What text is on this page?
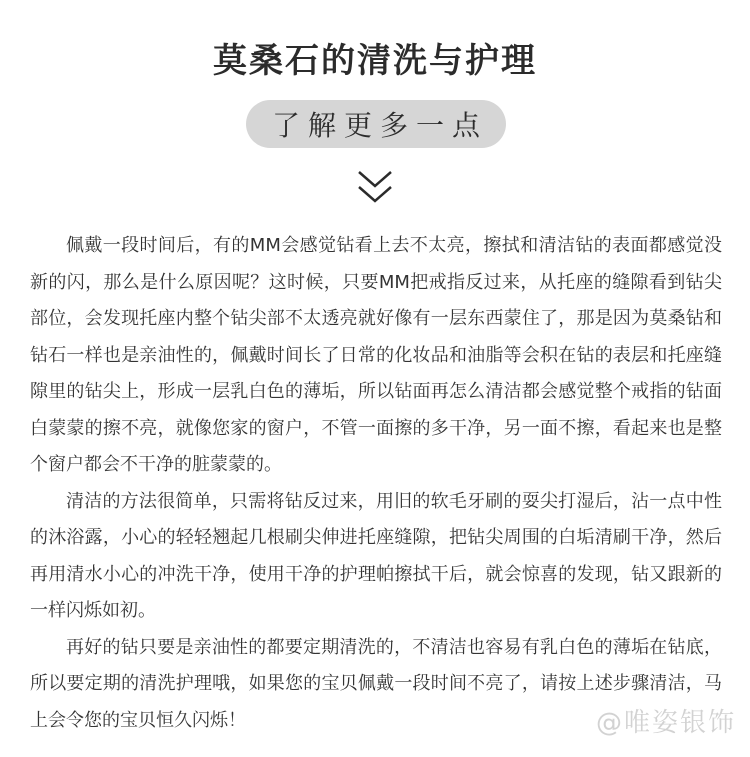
莫桑石的清洗与护理
了解更多一点

佩戴一段时间后，有的MM会感觉钻看上去不太亮，擦拭和清洁钻的表面都感觉没新的闪，那么是什么原因呢？这时候，只要MM把戒指反过来，从托座的缝隙看到钻尖部位，会发现托座内整个钻尖部不太透亮就好像有一层东西蒙住了，那是因为莫桑钻和钻石一样也是亲油性的，佩戴时间长了日常的化妆品和油脂等会积在钻的表层和托座缝隙里的钻尖上，形成一层乳白色的薄垢，所以钻面再怎么清洁都会感觉整个戒指的钻面白蒙蒙的擦不亮，就像您家的窗户，不管一面擦的多干净，另一面不擦，看起来也是整个窗户都会不干净的脏蒙蒙的。

清洁的方法很简单，只需将钻反过来，用旧的软毛牙刷的耍尖打湿后，沾一点中性的沐浴露，小心的轻轻翘起几根刷尖伸进托座缝隙，把钻尖周围的白垢清刷干净，然后再用清水小心的冲洗干净，使用干净的护理帕擦拭干后，就会惊喜的发现，钻又跟新的一样闪烁如初。

再好的钻只要是亲油性的都要定期清洗的，不清洁也容易有乳白色的薄垢在钻底，所以要定期的清洗护理哦，如果您的宝贝佩戴一段时间不亮了，请按上述步骤清洁，马上会令您的宝贝恒久闪烁！	@唯姿银饰
